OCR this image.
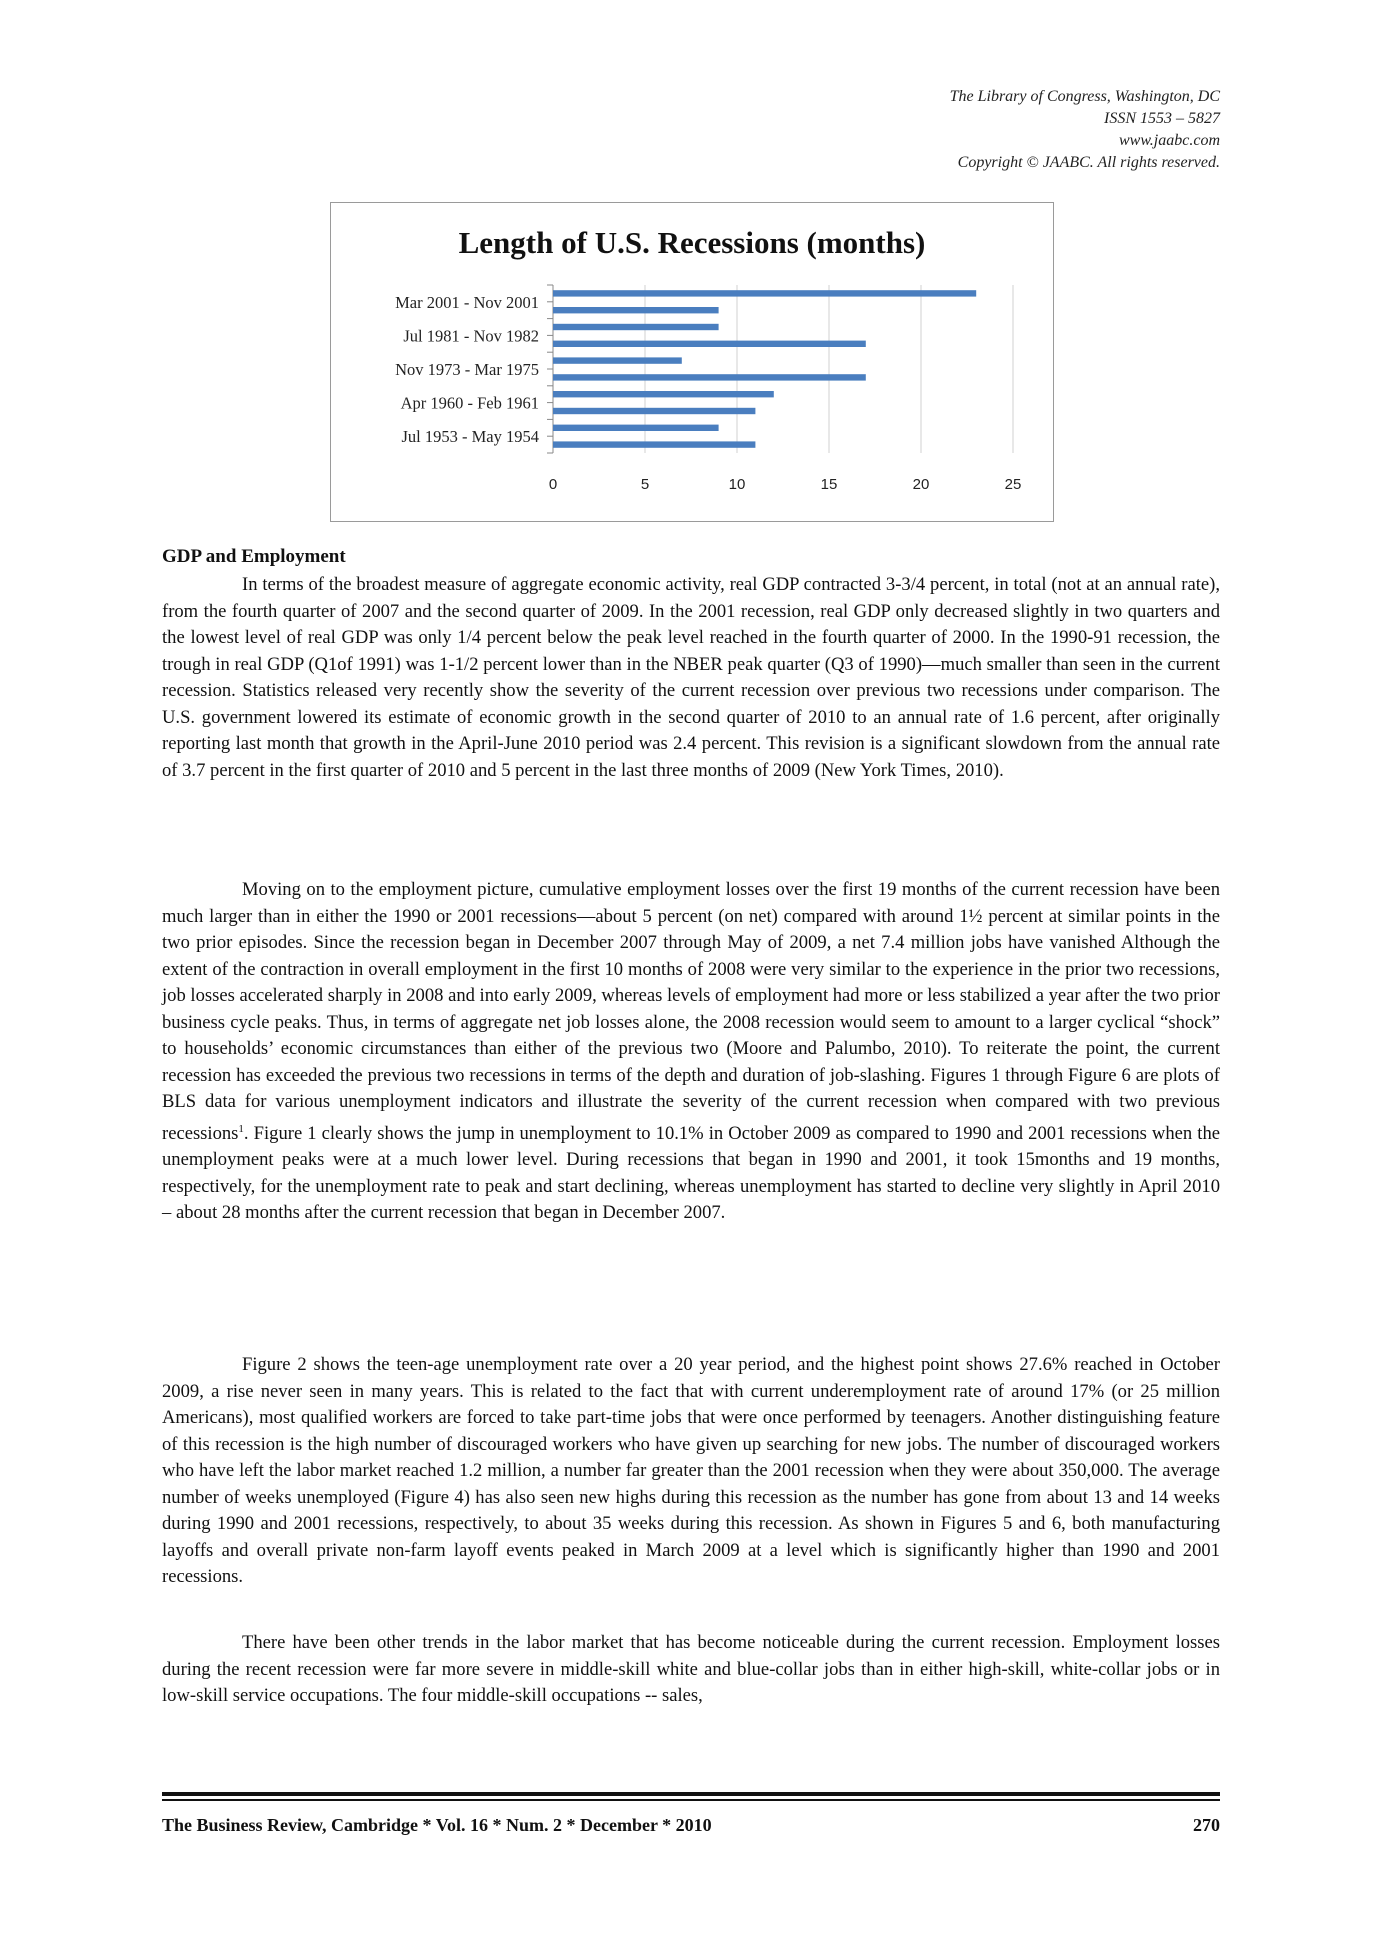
The Library of Congress, Washington, DC
ISSN 1553 – 5827
www.jaabc.com
Copyright © JAABC. All rights reserved.
Length of U.S. Recessions (months)
0	5	10	15	20	25
Jul 1953 - May 1954
Apr 1960 - Feb 1961
Nov 1973 - Mar 1975
Jul 1981 - Nov 1982
Mar 2001 - Nov 2001
GDP and Employment

In terms of the broadest measure of aggregate economic activity, real GDP contracted 3-3/4 percent, in total (not at an annual rate), from the fourth quarter of 2007 and the second quarter of 2009. In the 2001 recession, real GDP only decreased slightly in two quarters and the lowest level of real GDP was only 1/4 percent below the peak level reached in the fourth quarter of 2000. In the 1990-91 recession, the trough in real GDP (Q1of 1991) was 1-1/2 percent lower than in the NBER peak quarter (Q3 of 1990)—much smaller than seen in the current recession. Statistics released very recently show the severity of the current recession over previous two recessions under comparison. The U.S. government lowered its estimate of economic growth in the second quarter of 2010 to an annual rate of 1.6 percent, after originally reporting last month that growth in the April-June 2010 period was 2.4 percent. This revision is a significant slowdown from the annual rate of 3.7 percent in the first quarter of 2010 and 5 percent in the last three months of 2009 (New York Times, 2010).

Moving on to the employment picture, cumulative employment losses over the first 19 months of the current recession have been much larger than in either the 1990 or 2001 recessions—about 5 percent (on net) compared with around 1½ percent at similar points in the two prior episodes. Since the recession began in December 2007 through May of 2009, a net 7.4 million jobs have vanished Although the extent of the contraction in overall employment in the first 10 months of 2008 were very similar to the experience in the prior two recessions, job losses accelerated sharply in 2008 and into early 2009, whereas levels of employment had more or less stabilized a year after the two prior business cycle peaks. Thus, in terms of aggregate net job losses alone, the 2008 recession would seem to amount to a larger cyclical “shock” to households’ economic circumstances than either of the previous two (Moore and Palumbo, 2010). To reiterate the point, the current recession has exceeded the previous two recessions in terms of the depth and duration of job-slashing. Figures 1 through Figure 6 are plots of BLS data for various unemployment indicators and illustrate the severity of the current recession when compared with two previous recessions$^1$. Figure 1 clearly shows the jump in unemployment to 10.1% in October 2009 as compared to 1990 and 2001 recessions when the unemployment peaks were at a much lower level. During recessions that began in 1990 and 2001, it took 15months and 19 months, respectively, for the unemployment rate to peak and start declining, whereas unemployment has started to decline very slightly in April 2010 – about 28 months after the current recession that began in December 2007.

Figure 2 shows the teen-age unemployment rate over a 20 year period, and the highest point shows 27.6% reached in October 2009, a rise never seen in many years. This is related to the fact that with current underemployment rate of around 17% (or 25 million Americans), most qualified workers are forced to take part-time jobs that were once performed by teenagers. Another distinguishing feature of this recession is the high number of discouraged workers who have given up searching for new jobs. The number of discouraged workers who have left the labor market reached 1.2 million, a number far greater than the 2001 recession when they were about 350,000. The average number of weeks unemployed (Figure 4) has also seen new highs during this recession as the number has gone from about 13 and 14 weeks during 1990 and 2001 recessions, respectively, to about 35 weeks during this recession. As shown in Figures 5 and 6, both manufacturing layoffs and overall private non-farm layoff events peaked in March 2009 at a level which is significantly higher than 1990 and 2001 recessions.

There have been other trends in the labor market that has become noticeable during the current recession. Employment losses during the recent recession were far more severe in middle-skill white and blue-collar jobs than in either high-skill, white-collar jobs or in low-skill service occupations. The four middle-skill occupations -- sales,

The Business Review, Cambridge * Vol. 16 * Num. 2 * December * 2010	270
